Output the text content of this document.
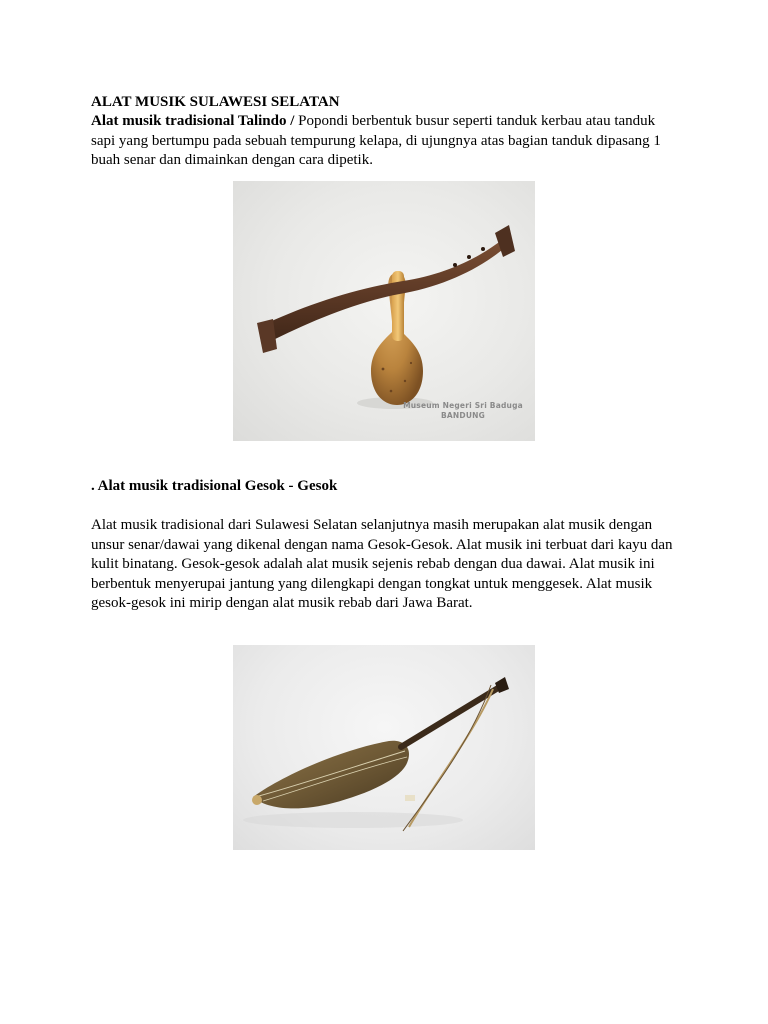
ALAT MUSIK SULAWESI SELATAN
Alat musik tradisional Talindo / Popondi berbentuk busur seperti tanduk kerbau atau tanduk
sapi yang bertumpu pada sebuah tempurung kelapa, di ujungnya atas bagian tanduk dipasang 1
buah senar dan dimainkan dengan cara dipetik.
Museum Negeri Sri Baduga
BANDUNG
. Alat musik tradisional Gesok - Gesok
Alat musik tradisional dari Sulawesi Selatan selanjutnya masih merupakan alat musik dengan
unsur senar/dawai yang dikenal dengan nama Gesok-Gesok. Alat musik ini terbuat dari kayu dan
kulit binatang. Gesok-gesok adalah alat musik sejenis rebab dengan dua dawai. Alat musik ini
berbentuk menyerupai jantung yang dilengkapi dengan tongkat untuk menggesek. Alat musik
gesok-gesok ini mirip dengan alat musik rebab dari Jawa Barat.
